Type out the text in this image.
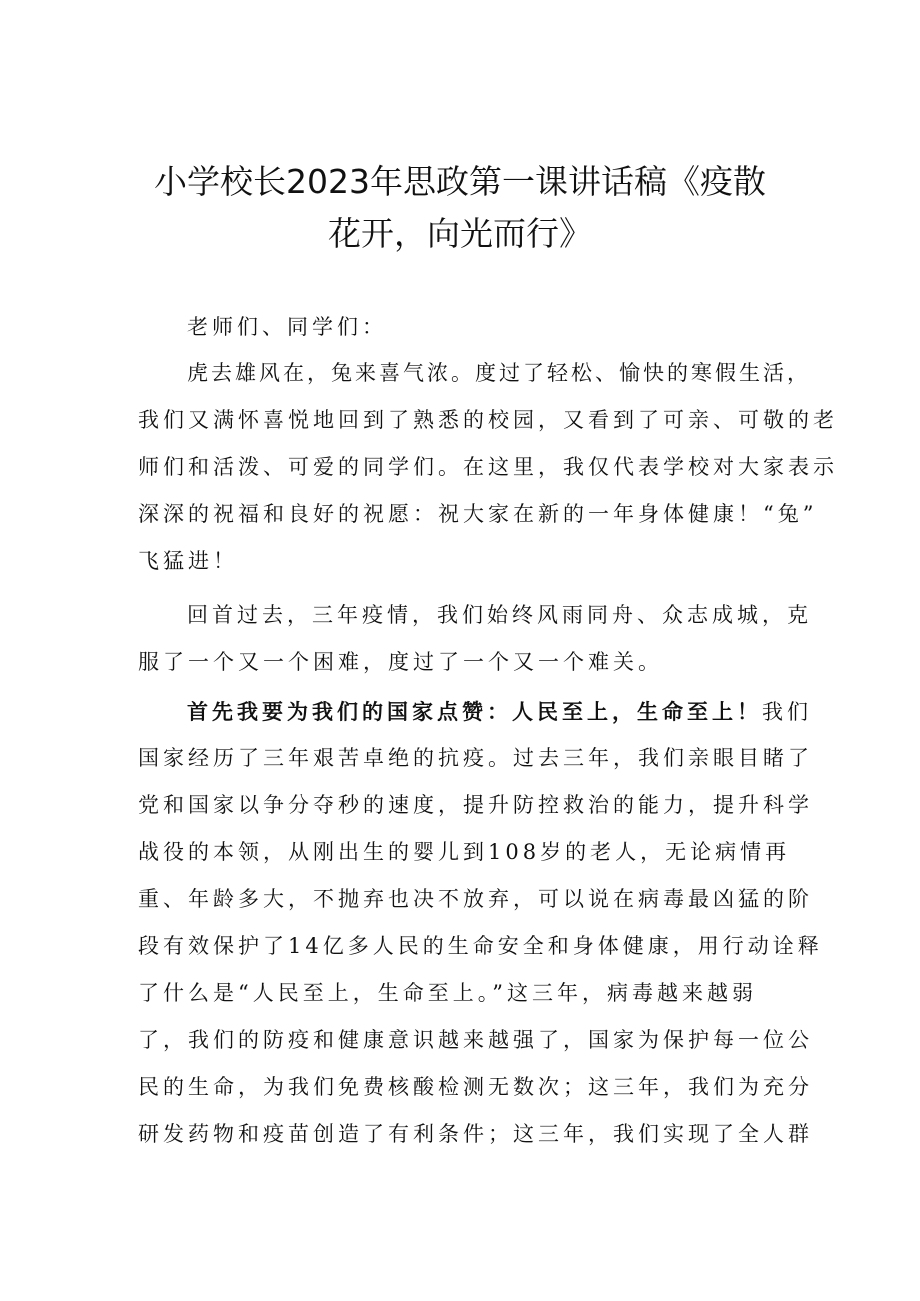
小学校长2023年思政第一课讲话稿《疫散
花开，向光而行》
老师们、同学们：
虎去雄风在，兔来喜气浓。度过了轻松、愉快的寒假生活，
我们又满怀喜悦地回到了熟悉的校园，又看到了可亲、可敬的老
师们和活泼、可爱的同学们。在这里，我仅代表学校对大家表示
深深的祝福和良好的祝愿：祝大家在新的一年身体健康！“兔”
飞猛进！
回首过去，三年疫情，我们始终风雨同舟、众志成城，克
服了一个又一个困难，度过了一个又一个难关。
首先我要为我们的国家点赞：人民至上，生命至上！我们
国家经历了三年艰苦卓绝的抗疫。过去三年，我们亲眼目睹了
党和国家以争分夺秒的速度，提升防控救治的能力，提升科学
战役的本领，从刚出生的婴儿到108岁的老人，无论病情再
重、年龄多大，不抛弃也决不放弃，可以说在病毒最凶猛的阶
段有效保护了14亿多人民的生命安全和身体健康，用行动诠释
了什么是“人民至上，生命至上。”这三年，病毒越来越弱
了，我们的防疫和健康意识越来越强了，国家为保护每一位公
民的生命，为我们免费核酸检测无数次；这三年，我们为充分
研发药物和疫苗创造了有利条件；这三年，我们实现了全人群
